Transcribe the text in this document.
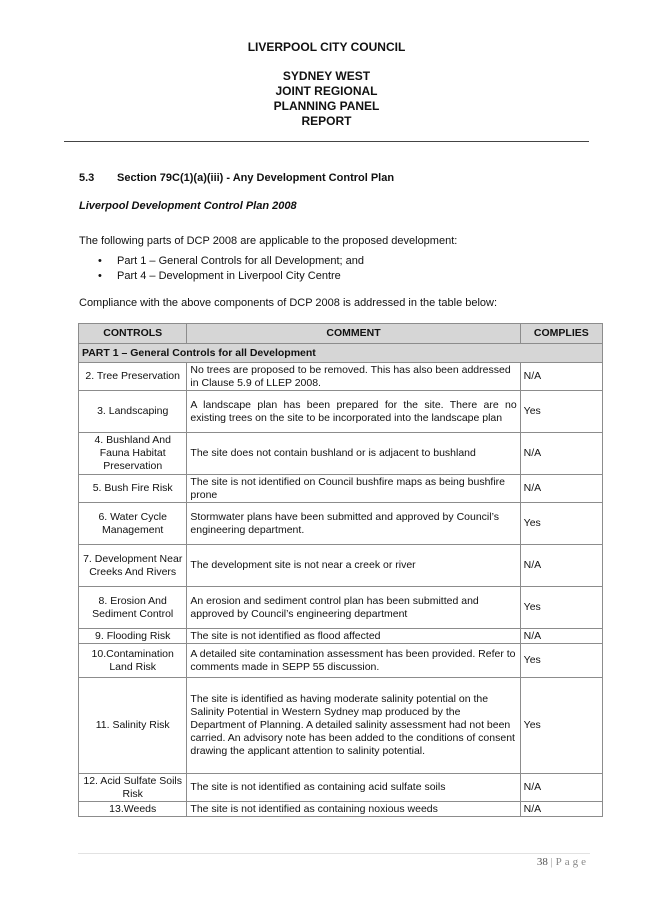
LIVERPOOL CITY COUNCIL
SYDNEY WEST
JOINT REGIONAL
PLANNING PANEL
REPORT
5.3 Section 79C(1)(a)(iii) - Any Development Control Plan
Liverpool Development Control Plan 2008
The following parts of DCP 2008 are applicable to the proposed development:
• Part 1 – General Controls for all Development; and
• Part 4 – Development in Liverpool City Centre
Compliance with the above components of DCP 2008 is addressed in the table below:
CONTROLS	COMMENT	COMPLIES
PART 1 – General Controls for all Development		
2. Tree Preservation	No trees are proposed to be removed. This has also been addressed in Clause 5.9 of LLEP 2008.	N/A
3. Landscaping	A landscape plan has been prepared for the site. There are no existing trees on the site to be incorporated into the landscape plan	Yes
4. Bushland And Fauna Habitat Preservation	The site does not contain bushland or is adjacent to bushland	N/A
5. Bush Fire Risk	The site is not identified on Council bushfire maps as being bushfire prone	N/A
6. Water Cycle Management	Stormwater plans have been submitted and approved by Council’s engineering department.	Yes
7. Development Near Creeks And Rivers	The development site is not near a creek or river	N/A
8. Erosion And Sediment Control	An erosion and sediment control plan has been submitted and approved by Council’s engineering department	Yes
9. Flooding Risk	The site is not identified as flood affected	N/A
10.Contamination Land Risk	A detailed site contamination assessment has been provided. Refer to comments made in SEPP 55 discussion.	Yes
11. Salinity Risk	The site is identified as having moderate salinity potential on the Salinity Potential in Western Sydney map produced by the Department of Planning. A detailed salinity assessment had not been carried. An advisory note has been added to the conditions of consent drawing the applicant attention to salinity potential.	Yes
12. Acid Sulfate Soils Risk	The site is not identified as containing acid sulfate soils	N/A
13.Weeds	The site is not identified as containing noxious weeds	N/A
38 | Page
